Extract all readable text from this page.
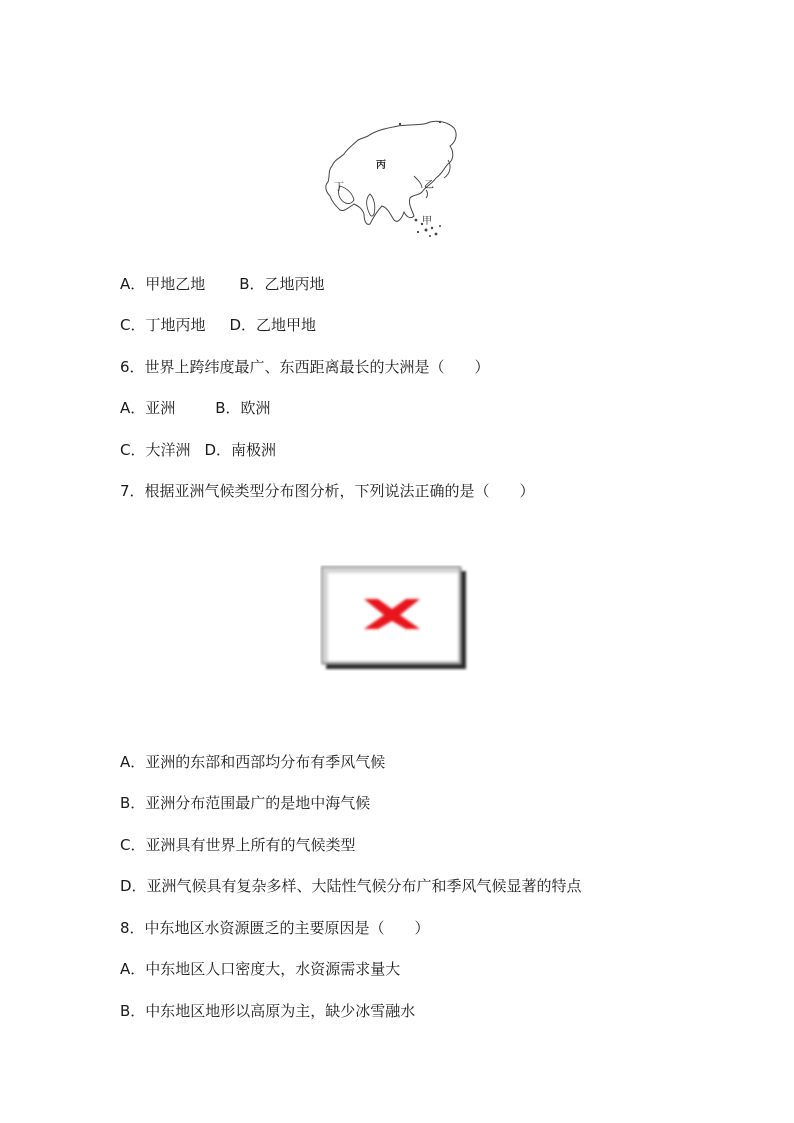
丙
丁	乙
甲
A．甲地乙地 B．乙地丙地
C．丁地丙地 D．乙地甲地
6．世界上跨纬度最广、东西距离最长的大洲是（　　）
A．亚洲	B．欧洲
C．大洋洲 D．南极洲
7．根据亚洲气候类型分布图分析，下列说法正确的是（　　）
A．亚洲的东部和西部均分布有季风气候
B．亚洲分布范围最广的是地中海气候
C．亚洲具有世界上所有的气候类型
D．亚洲气候具有复杂多样、大陆性气候分布广和季风气候显著的特点
8．中东地区水资源匮乏的主要原因是（　　）
A．中东地区人口密度大，水资源需求量大
B．中东地区地形以高原为主，缺少冰雪融水
